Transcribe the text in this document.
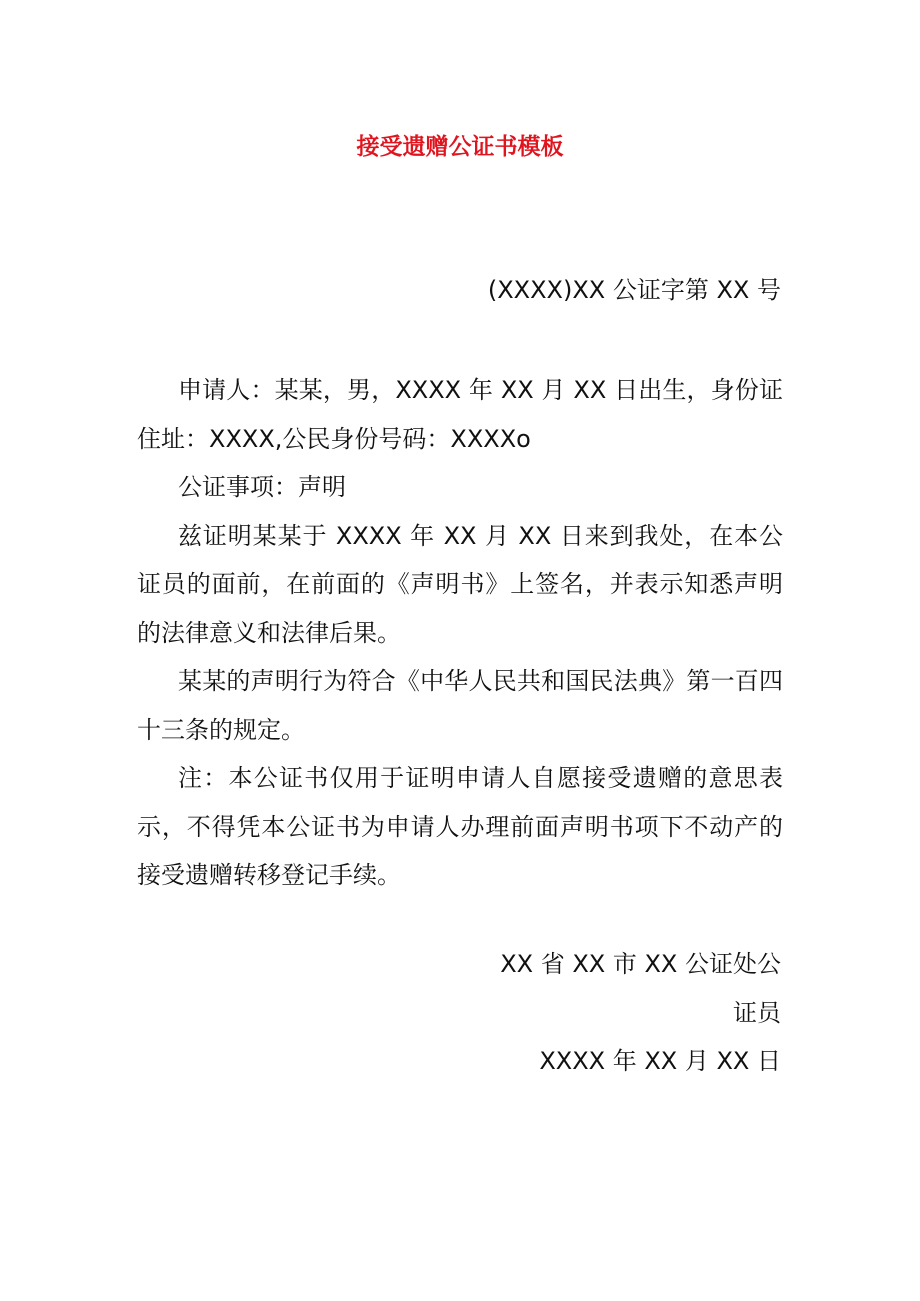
接受遗赠公证书模板
(XXXX)XX 公证字第 XX 号

申请人：某某，男，XXXX 年 XX 月 XX 日出生，身份证住址：XXXX,公民身份号码：XXXXo

公证事项：声明

兹证明某某于 XXXX 年 XX 月 XX 日来到我处，在本公证员的面前，在前面的《声明书》上签名，并表示知悉声明的法律意义和法律后果。

某某的声明行为符合《中华人民共和国民法典》第一百四十三条的规定。

注：本公证书仅用于证明申请人自愿接受遗赠的意思表示，不得凭本公证书为申请人办理前面声明书项下不动产的接受遗赠转移登记手续。

XX 省 XX 市 XX 公证处公
证员
XXXX 年 XX 月 XX 日
